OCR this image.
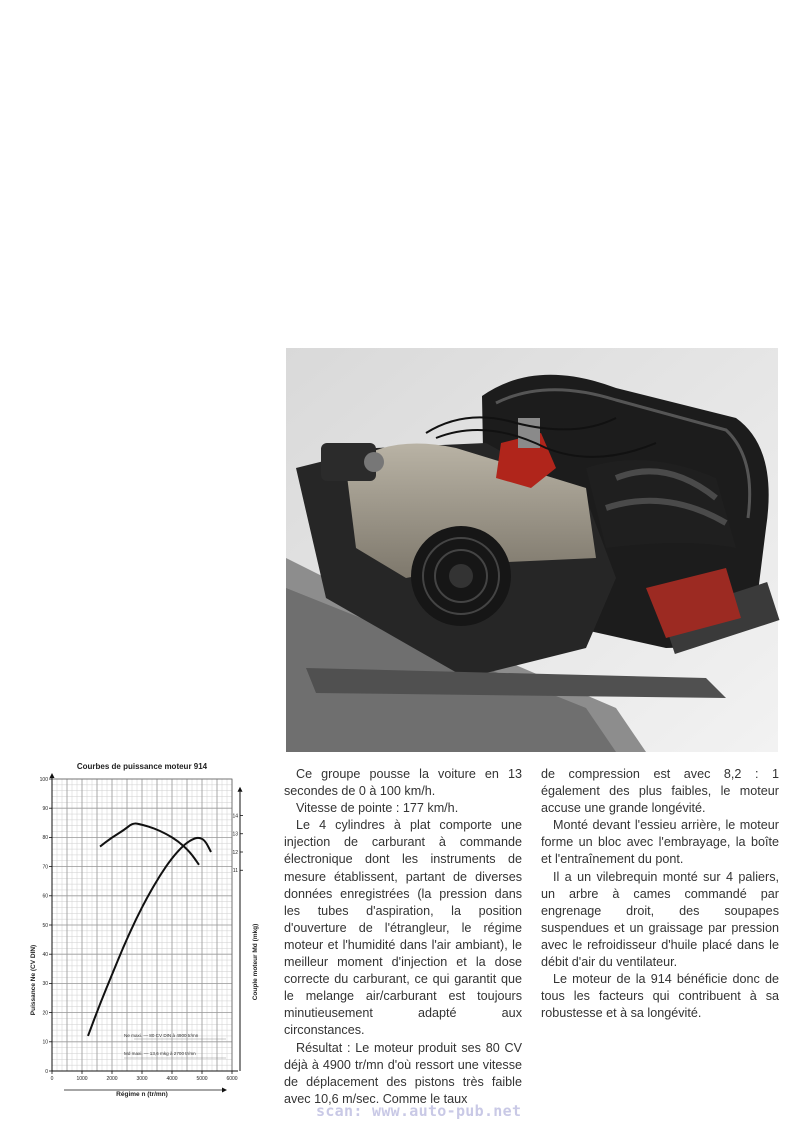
Courbes de puissance moteur 914
0
10
20
30
40
50
60
70
80
90
100
0	1000	2000	3000	4000	5000	6000
11
12
13
14
Ne maxi. — 80 CV DIN à 4900 tr/mn
Md maxi. — 13,6 mkg à 2700 tr/mn
Puissance Ne (CV DIN)	Couple moteur Md (mkg)
Régime n (tr/mn)

Ce groupe pousse la voiture en 13 secondes de 0 à 100 km/h.

Vitesse de pointe : 177 km/h.

Le 4 cylindres à plat comporte une injection de carburant à commande électronique dont les instruments de mesure établissent, partant de diverses données enregistrées (la pression dans les tubes d'aspiration, la position d'ouverture de l'étrangleur, le régime moteur et l'humidité dans l'air ambiant), le meilleur moment d'injection et la dose correcte du carburant, ce qui garantit que le melange air/carburant est toujours minutieusement adapté aux circonstances.

Résultat : Le moteur produit ses 80 CV déjà à 4900 tr/mn d'où ressort une vitesse de déplacement des pistons très faible avec 10,6 m/sec. Comme le taux

de compression est avec 8,2 : 1 également des plus faibles, le moteur accuse une grande longévité.

Monté devant l'essieu arrière, le moteur forme un bloc avec l'embrayage, la boîte et l'entraînement du pont.

Il a un vilebrequin monté sur 4 paliers, un arbre à cames commandé par engrenage droit, des soupapes suspendues et un graissage par pression avec le refroidisseur d'huile placé dans le débit d'air du ventilateur.

Le moteur de la 914 bénéficie donc de tous les facteurs qui contribuent à sa robustesse et à sa longévité.

scan: www.auto-pub.net
